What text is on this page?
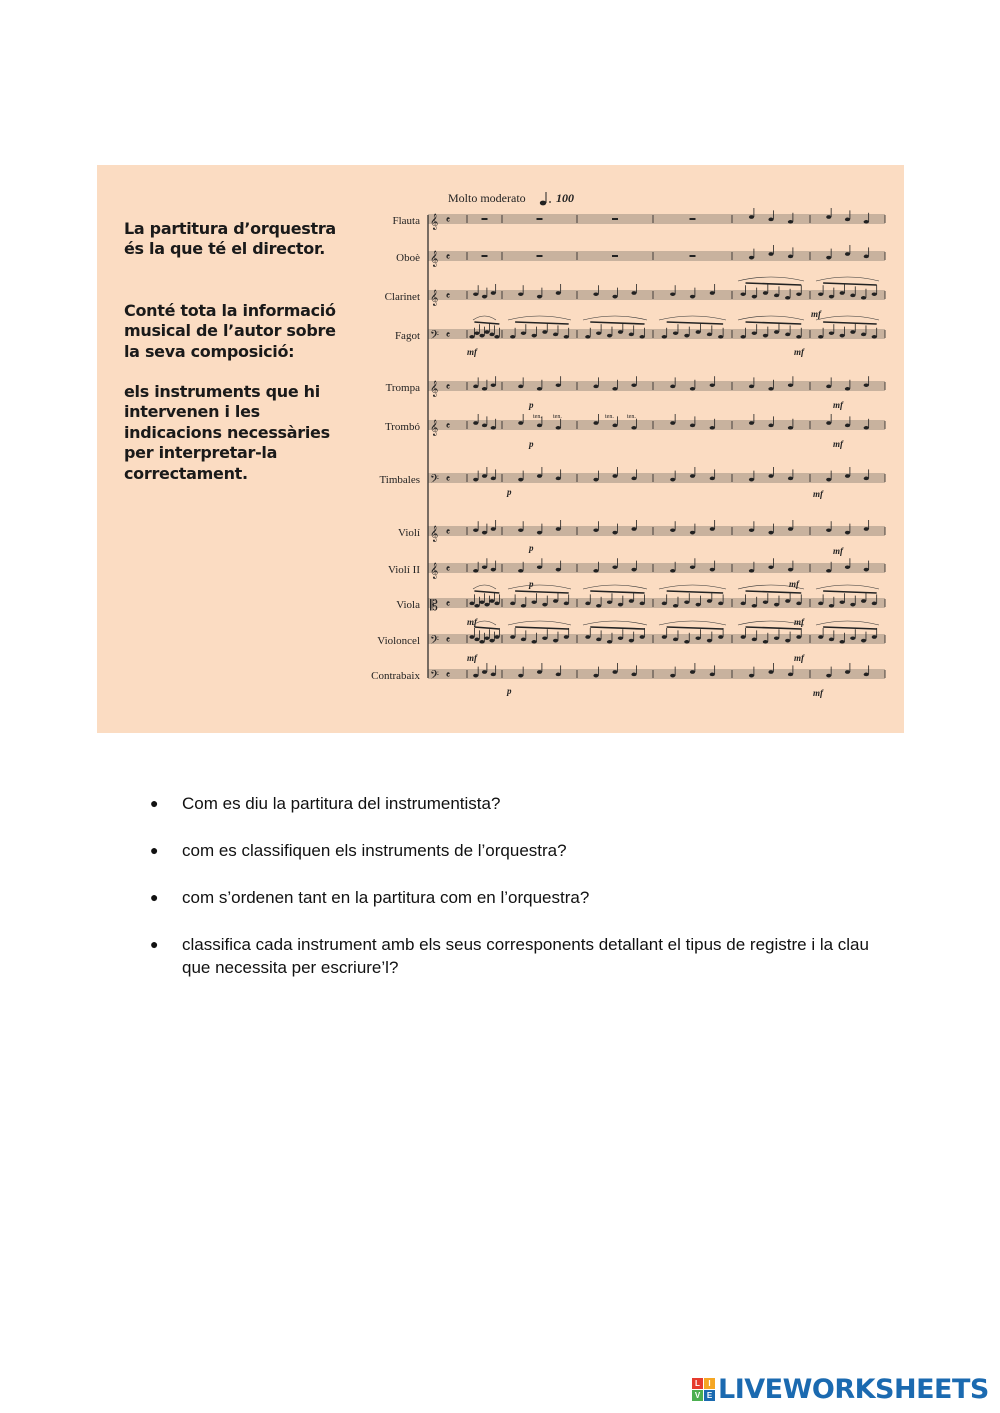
La partitura d’orquestra és la que té el director.

Conté tota la informació musical de l’autor sobre la seva composició:

els instruments que hi intervenen i les indicacions necessàries per interpretar-la correctament.

Molto moderato	100
Flauta
Oboè
Clarinet
Fagot
Trompa
Trombó
Timbales
Violí
Violí II
Viola
Violoncel
Contrabaix
p
ten. ten.	ten. ten.
p
p
p
p
p
mf
mf
mf
mf
mf
mf
mf
mf
mf	mf
mf	mf
mf
𝄞 𝄴
𝄞 𝄴
𝄞 𝄴
𝄢 𝄴
𝄞 𝄴
𝄞 𝄴
𝄢 𝄴
𝄞 𝄴
𝄞 𝄴
𝄡 𝄴
𝄢 𝄴
𝄢 𝄴
● Com es diu la partitura del instrumentista?
● com es classifiquen els instruments de l’orquestra?
● com s’ordenen tant en la partitura com en l’orquestra?
● classifica cada instrument amb els seus corresponents detallant el tipus de registre i la clau que necessita per escriure’l?
L	I
V E LIVEWORKSHEETS
